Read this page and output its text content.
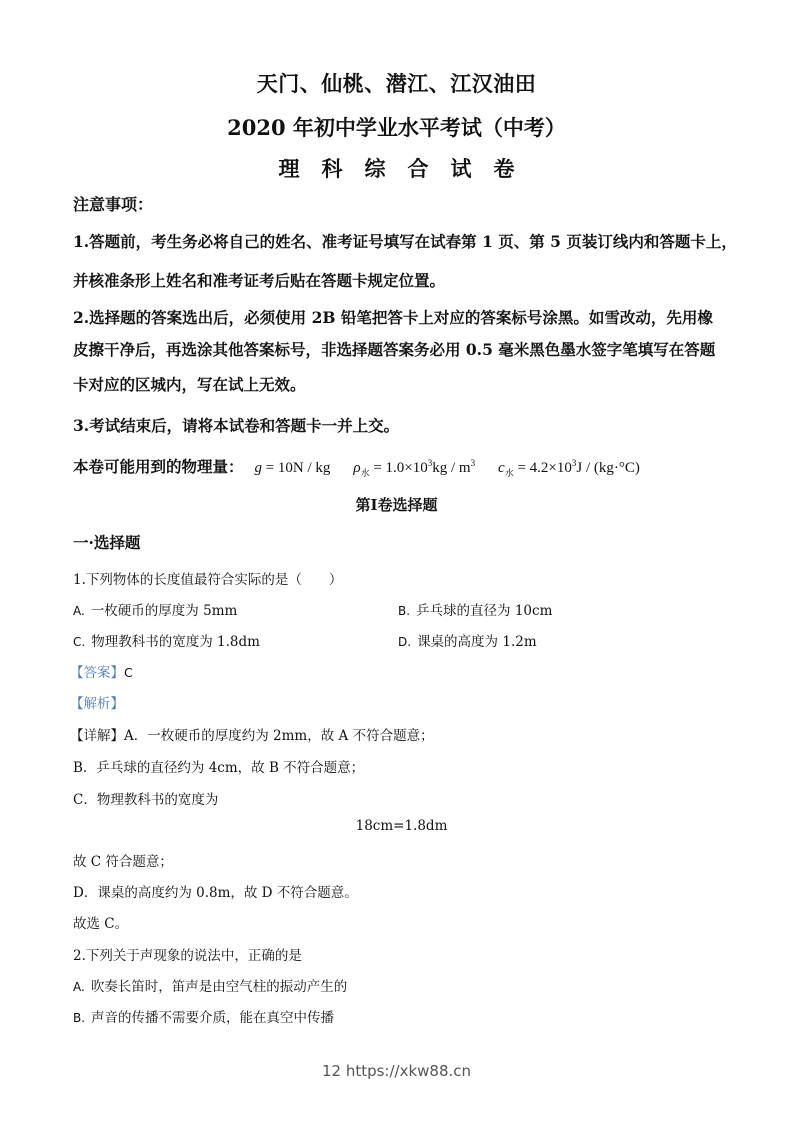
天门、仙桃、潜江、江汉油田
2020 年初中学业水平考试（中考）
理科综合试卷
注意事项：
1.答题前，考生务必将自己的姓名、准考证号填写在试春第 1 页、第 5 页装订线内和答题卡上，
并核准条形上姓名和准考证考后贴在答题卡规定位置。
2.选择题的答案选出后，必须使用 2B 铅笔把答卡上对应的答案标号涂黑。如雪改动，先用橡
皮擦干净后，再选涂其他答案标号，非选择题答案务必用 0.5 毫米黑色墨水签字笔填写在答题
卡对应的区城内，写在试上无效。
3.考试结束后，请将本试卷和答题卡一并上交。
本卷可能用到的物理量： g = 10N / kg $\rho_水 = 1.0\times 10^3kg / m^3$ $c_水 = 4.2\times 10^3J / (kg\cdot^\circ C)$
第Ⅰ卷选择题
一·选择题
1.下列物体的长度值最符合实际的是（　　）
A. 一枚硬币的厚度为 5mm	B. 乒乓球的直径为 10cm
C. 物理教科书的宽度为 1.8dm	D. 课桌的高度为 1.2m
【答案】C
【解析】
【详解】A．一枚硬币的厚度约为 2mm，故 A 不符合题意；
B．乒乓球的直径约为 4cm，故 B 不符合题意；
C．物理教科书的宽度为
18cm=1.8dm
故 C 符合题意；
D．课桌的高度约为 0.8m，故 D 不符合题意。
故选 C。
2.下列关于声现象的说法中，正确的是
A. 吹奏长笛时，笛声是由空气柱的振动产生的
B. 声音的传播不需要介质，能在真空中传播
12 https://xkw88.cn
